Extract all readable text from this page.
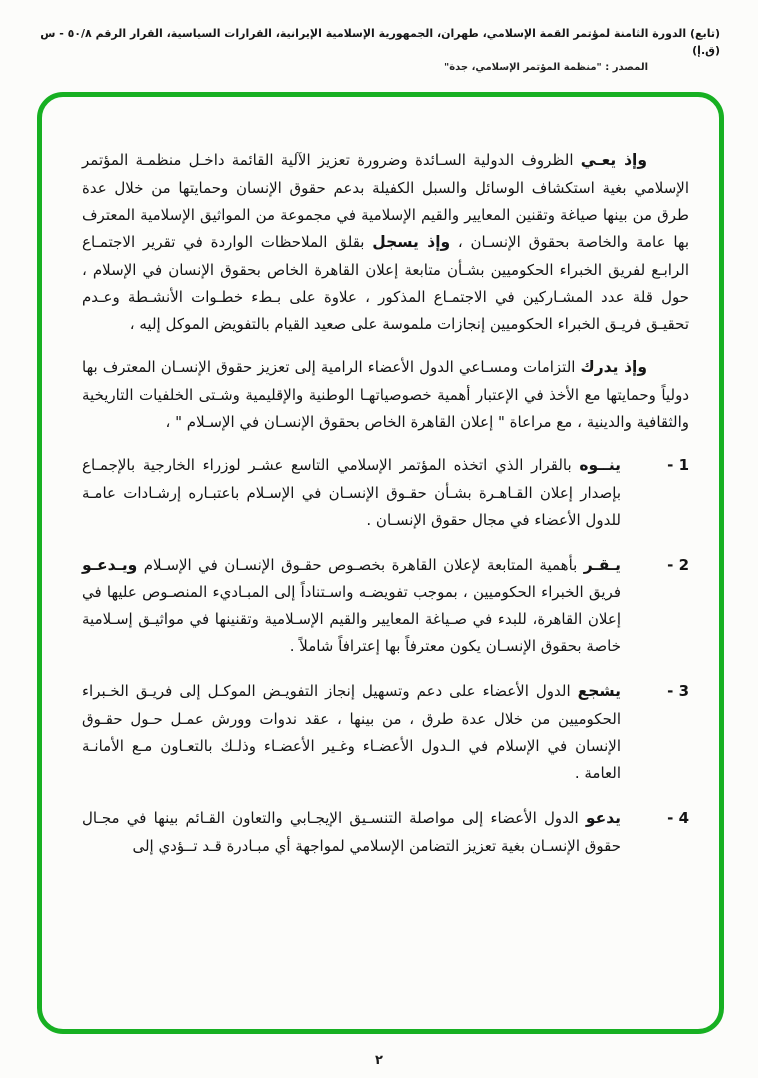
(تابع) الدورة الثامنة لمؤتمر القمة الإسلامي، طهران، الجمهورية الإسلامية الإيرانية، القرارات السياسية، القرار الرقم ٥٠/٨ - س (ق.إ)
المصدر : "منظمة المؤتمر الإسلامي، جدة"

وإذ يعـي الظروف الدولية السـائدة وضرورة تعزيز الآلية القائمة داخـل منظمـة المؤتمر الإسلامي بغية استكشاف الوسائل والسبل الكفيلة بدعم حقوق الإنسان وحمايتها من خلال عدة طرق من بينها صياغة وتقنين المعايير والقيم الإسلامية في مجموعة من المواثيق الإسلامية المعترف بها عامة والخاصة بحقوق الإنسـان ، وإذ يسجل بقلق الملاحظات الواردة في تقرير الاجتمـاع الرابـع لفريق الخبراء الحكوميين بشـأن متابعة إعلان القاهرة الخاص بحقوق الإنسان في الإسلام ، حول قلة عدد المشـاركين في الاجتمـاع المذكور ، علاوة على بـطء خطـوات الأنشـطة وعـدم تحقيـق فريـق الخبراء الحكوميين إنجازات ملموسة على صعيد القيام بالتفويض الموكل إليه ،

وإذ يدرك التزامات ومسـاعي الدول الأعضاء الرامية إلى تعزيز حقوق الإنسـان المعترف بها دولياً وحمايتها مع الأخذ في الإعتبار أهمية خصوصياتهـا الوطنية والإقليمية وشـتى الخلفيات التاريخية والثقافية والدينية ، مع مراعاة " إعلان القاهرة الخاص بحقوق الإنسـان في الإسـلام " ،

1 -
ينــوه بالقرار الذي اتخذه المؤتمر الإسلامي التاسع عشـر لوزراء الخارجية بالإجمـاع بإصدار إعلان القـاهـرة بشـأن حقـوق الإنسـان في الإسـلام باعتبـاره إرشـادات عامـة للدول الأعضاء في مجال حقوق الإنسـان .
2 -
يـقـر بأهمية المتابعة لإعلان القاهرة بخصـوص حقـوق الإنسـان في الإسـلام ويـدعـو فريق الخبراء الحكوميين ، بموجب تفويضـه واسـتناداً إلى المبـاديء المنصـوص عليها في إعلان القاهرة، للبدء في صـياغة المعايير والقيم الإسـلامية وتقنينها في مواثيـق إسـلامية خاصة بحقوق الإنسـان يكون معترفاً بها إعترافاً شاملاً .
3 -
يشجع الدول الأعضاء على دعم وتسهيل إنجاز التفويـض الموكـل إلى فريـق الخـبراء الحكوميين من خلال عدة طرق ، من بينها ، عقد ندوات وورش عمـل حـول حقـوق الإنسان في الإسلام في الـدول الأعضـاء وغـير الأعضـاء وذلـك بالتعـاون مـع الأمانـة العامة .
4 -
يدعو الدول الأعضاء إلى مواصلة التنسـيق الإيجـابي والتعاون القـائم بينها في مجـال حقوق الإنسـان بغية تعزيز التضامن الإسلامي لمواجهة أي مبـادرة قـد تــؤدي إلى
٢
